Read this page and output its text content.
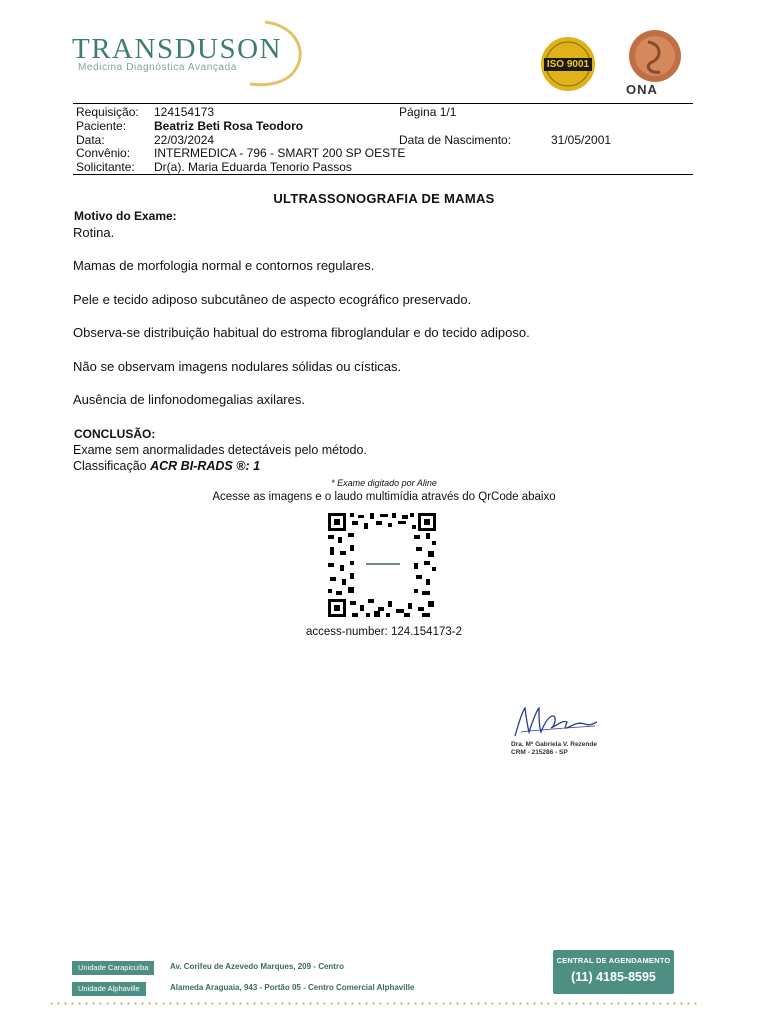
TRANSDUSON
Medicina Diagnóstica Avançada	ISO 9001
ONA
Requisição: 124154173	Página 1/1
Paciente: Beatriz Beti Rosa Teodoro
Data:	22/03/2024	Data de Nascimento:	31/05/2001
Convênio: INTERMEDICA - 796 - SMART 200 SP OESTE
Solicitante: Dr(a). Maria Eduarda Tenorio Passos
ULTRASSONOGRAFIA DE MAMAS
Motivo do Exame:
Rotina.
Mamas de morfologia normal e contornos regulares.
Pele e tecido adiposo subcutâneo de aspecto ecográfico preservado.
Observa-se distribuição habitual do estroma fibroglandular e do tecido adiposo.
Não se observam imagens nodulares sólidas ou císticas.
Ausência de linfonodomegalias axilares.
CONCLUSÃO:
Exame sem anormalidades detectáveis pelo método.
Classificação ACR BI-RADS ®: 1
* Exame digitado por Aline
Acesse as imagens e o laudo multimídia através do QrCode abaixo
access-number: 124.154173-2
Dra. Mª Gabriela V. Rezende
CRM - 215286 - SP
Unidade Carapicuíba	Av. Corifeu de Azevedo Marques, 209 - Centro
Unidade Alphaville	Alameda Araguaia, 943 - Portão 05 - Centro Comercial Alphaville
CENTRAL DE AGENDAMENTO
(11) 4185-8595
